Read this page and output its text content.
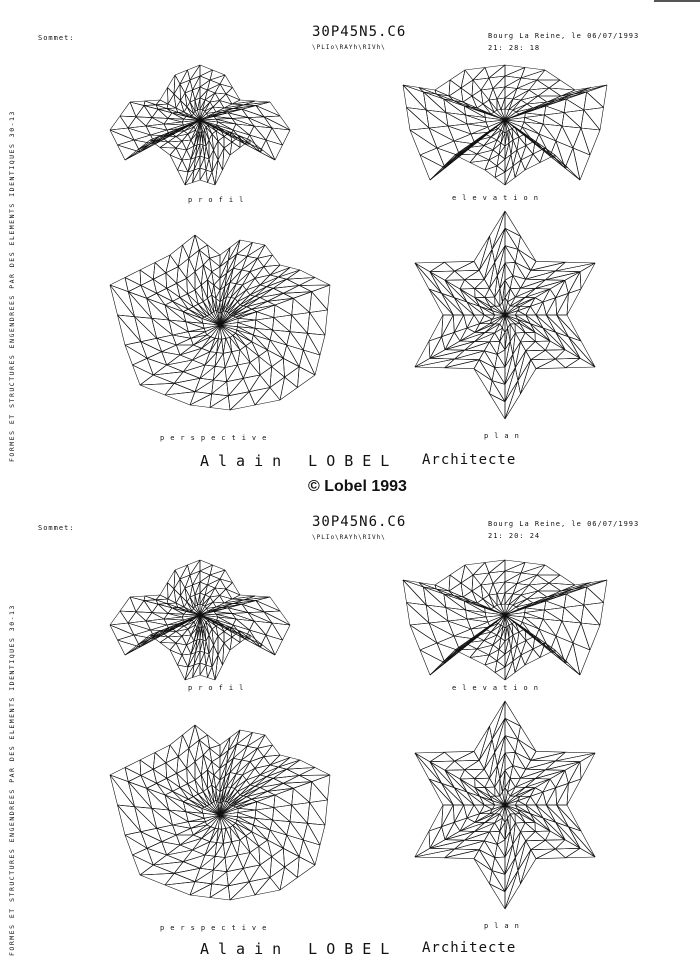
FORMES ET STRUCTURES ENGENDREES PAR DES ELEMENTS IDENTIQUES 30-13
Sommet:	30P45N5.C6
\PLIo\RAYh\RIVh\
Bourg La Reine, le 06/07/1993
21: 28: 18
profil	elevation
perspective	plan
Alain LOBEL Architecte
© Lobel 1993
FORMES ET STRUCTURES ENGENDREES PAR DES ELEMENTS IDENTIQUES 30-13
Sommet:	30P45N6.C6
\PLIo\RAYh\RIVh\
Bourg La Reine, le 06/07/1993
21: 20: 24
profil	elevation
perspective	plan
Alain LOBEL Architecte
